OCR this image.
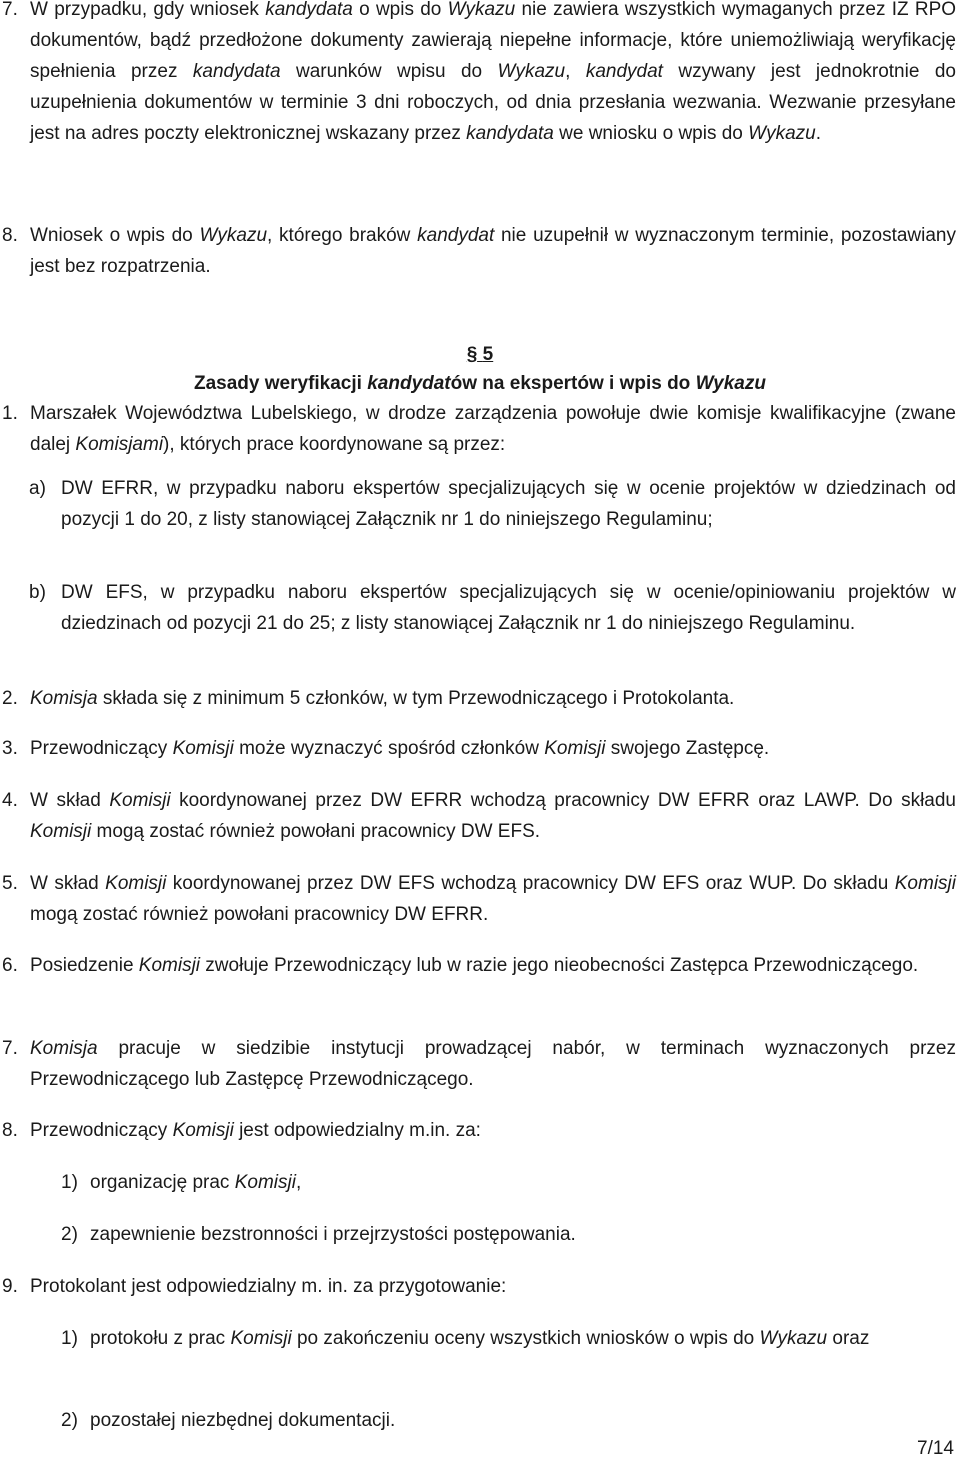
7. W przypadku, gdy wniosek kandydata o wpis do Wykazu nie zawiera wszystkich wymaganych przez IZ RPO dokumentów, bądź przedłożone dokumenty zawierają niepełne informacje, które uniemożliwiają weryfikację spełnienia przez kandydata warunków wpisu do Wykazu, kandydat wzywany jest jednokrotnie do uzupełnienia dokumentów w terminie 3 dni roboczych, od dnia przesłania wezwania. Wezwanie przesyłane jest na adres poczty elektronicznej wskazany przez kandydata we wniosku o wpis do Wykazu.
8. Wniosek o wpis do Wykazu, którego braków kandydat nie uzupełnił w wyznaczonym terminie, pozostawiany jest bez rozpatrzenia.
§ 5
Zasady weryfikacji kandydatów na ekspertów i wpis do Wykazu
1. Marszałek Województwa Lubelskiego, w drodze zarządzenia powołuje dwie komisje kwalifikacyjne (zwane dalej Komisjami), których prace koordynowane są przez:
a) DW EFRR, w przypadku naboru ekspertów specjalizujących się w ocenie projektów w dziedzinach od pozycji 1 do 20, z listy stanowiącej Załącznik nr 1 do niniejszego Regulaminu;
b) DW EFS, w przypadku naboru ekspertów specjalizujących się w ocenie/opiniowaniu projektów w dziedzinach od pozycji 21 do 25; z listy stanowiącej Załącznik nr 1 do niniejszego Regulaminu.
2. Komisja składa się z minimum 5 członków, w tym Przewodniczącego i Protokolanta.
3. Przewodniczący Komisji może wyznaczyć spośród członków Komisji swojego Zastępcę.
4. W skład Komisji koordynowanej przez DW EFRR wchodzą pracownicy DW EFRR oraz LAWP. Do składu Komisji mogą zostać również powołani pracownicy DW EFS.
5. W skład Komisji koordynowanej przez DW EFS wchodzą pracownicy DW EFS oraz WUP. Do składu Komisji mogą zostać również powołani pracownicy DW EFRR.
6. Posiedzenie Komisji zwołuje Przewodniczący lub w razie jego nieobecności Zastępca Przewodniczącego.
7. Komisja pracuje w siedzibie instytucji prowadzącej nabór, w terminach wyznaczonych przez Przewodniczącego lub Zastępcę Przewodniczącego.
8. Przewodniczący Komisji jest odpowiedzialny m.in. za:
1) organizację prac Komisji,
2) zapewnienie bezstronności i przejrzystości postępowania.
9. Protokolant jest odpowiedzialny m. in. za przygotowanie:
1) protokołu z prac Komisji po zakończeniu oceny wszystkich wniosków o wpis do Wykazu oraz
2) pozostałej niezbędnej dokumentacji.
7/14
